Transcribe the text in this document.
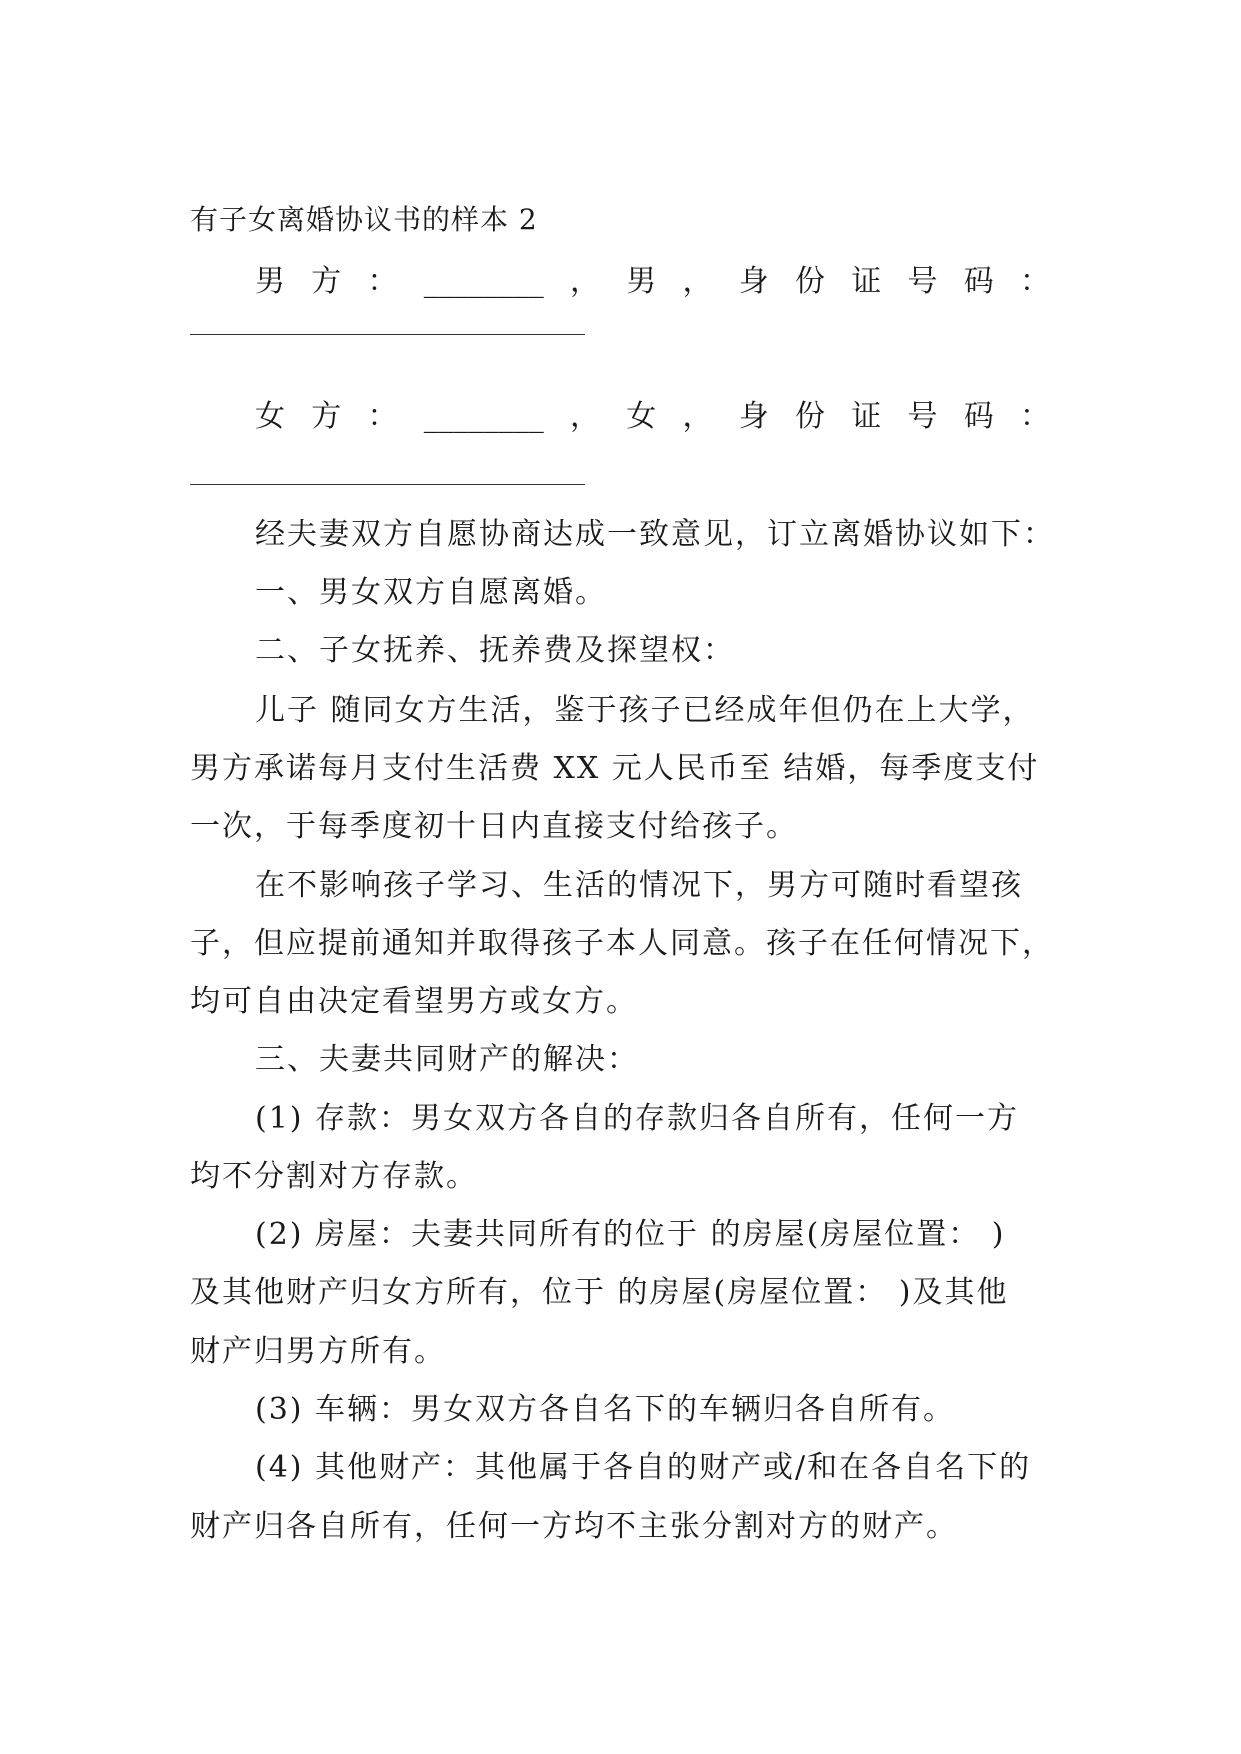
有子女离婚协议书的样本 2
男 方 ： ________ ， 男 ， 身 份 证 号 码 ：
女 方 ： ________ ， 女 ， 身 份 证 号 码 ：
经夫妻双方自愿协商达成一致意见，订立离婚协议如下：
一、男女双方自愿离婚。
二、子女抚养、抚养费及探望权：
儿子 随同女方生活，鉴于孩子已经成年但仍在上大学，
男方承诺每月支付生活费 XX 元人民币至 结婚，每季度支付
一次，于每季度初十日内直接支付给孩子。
在不影响孩子学习、生活的情况下，男方可随时看望孩
子，但应提前通知并取得孩子本人同意。孩子在任何情况下，
均可自由决定看望男方或女方。
三、夫妻共同财产的解决：
(1) 存款：男女双方各自的存款归各自所有，任何一方
均不分割对方存款。
(2) 房屋：夫妻共同所有的位于 的房屋(房屋位置： )
及其他财产归女方所有，位于 的房屋(房屋位置： )及其他
财产归男方所有。
(3) 车辆：男女双方各自名下的车辆归各自所有。
(4) 其他财产：其他属于各自的财产或/和在各自名下的
财产归各自所有，任何一方均不主张分割对方的财产。
